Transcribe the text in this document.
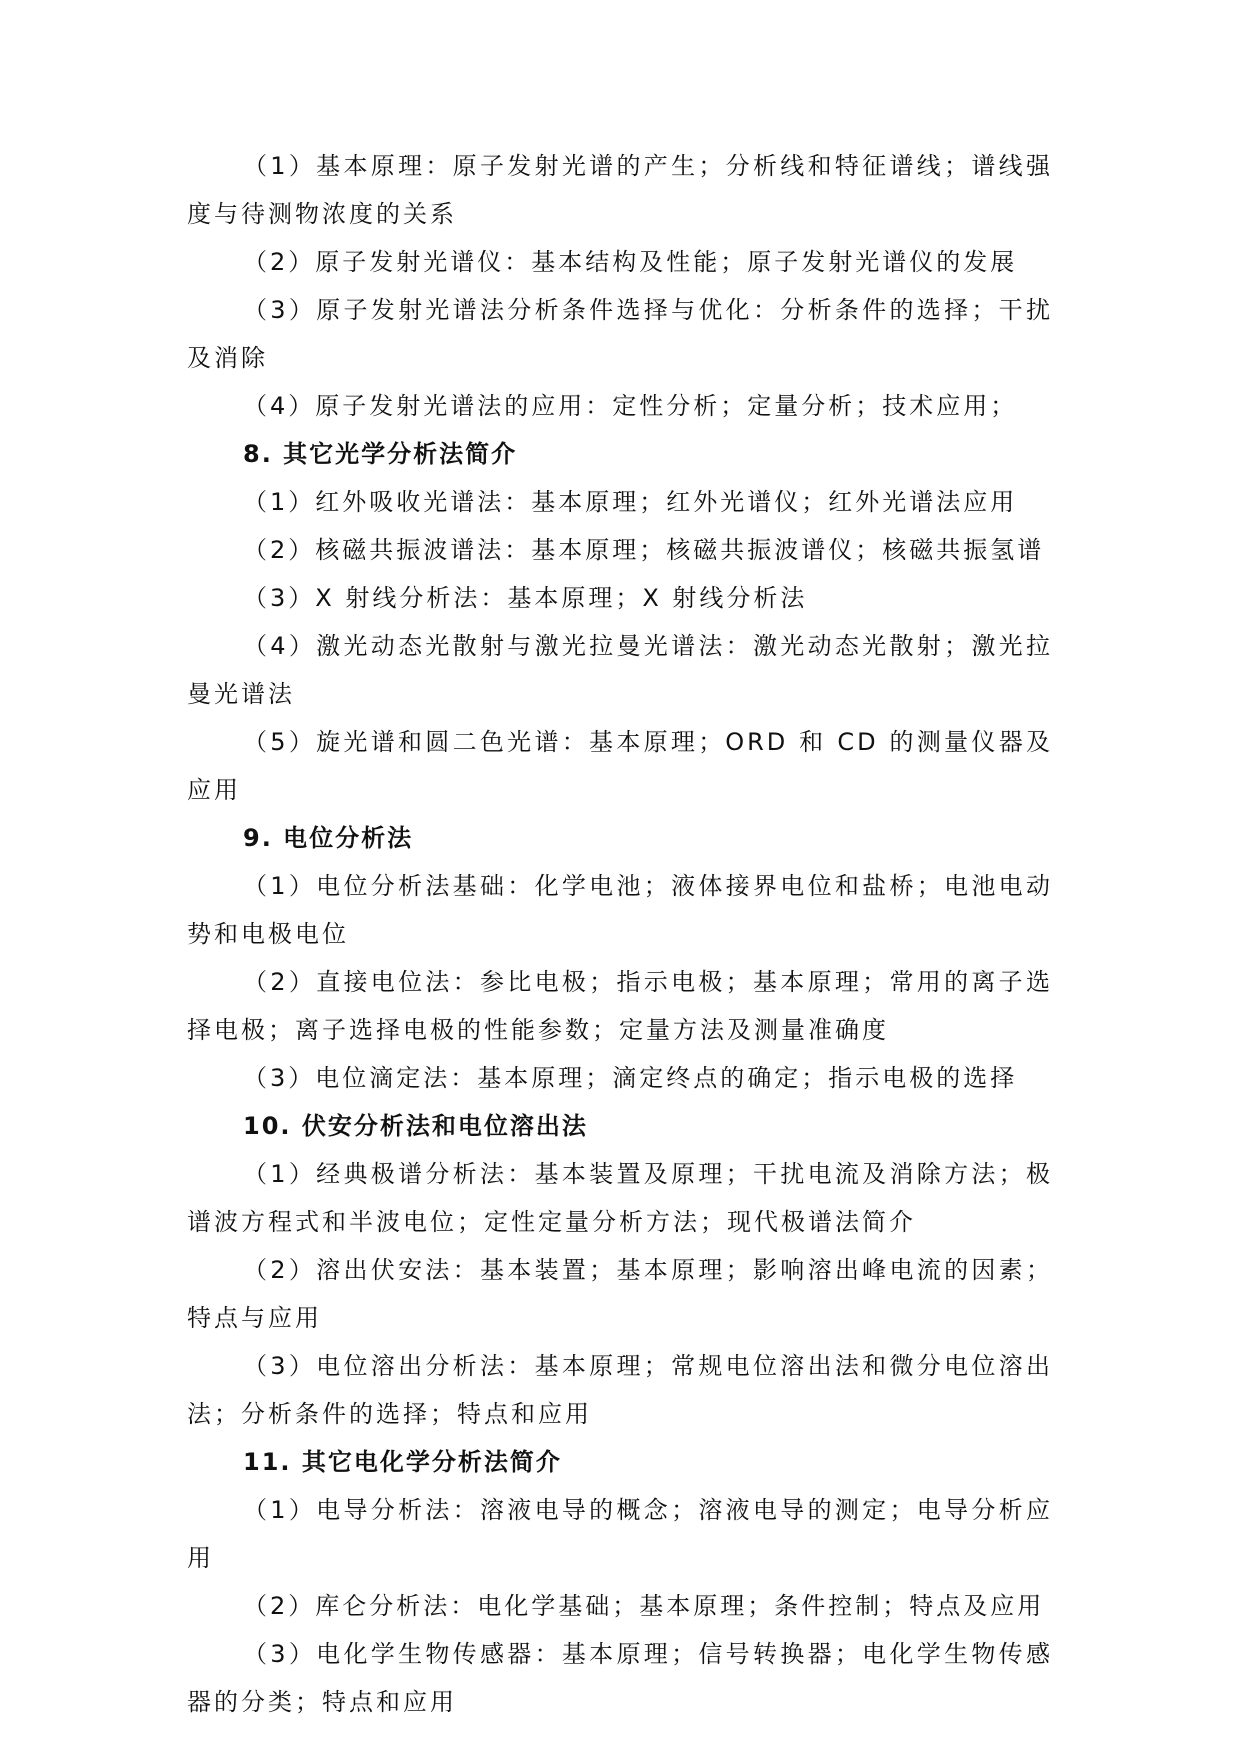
（1）基本原理：原子发射光谱的产生；分析线和特征谱线；谱线强度与待测物浓度的关系

（2）原子发射光谱仪：基本结构及性能；原子发射光谱仪的发展

（3）原子发射光谱法分析条件选择与优化：分析条件的选择；干扰及消除

（4）原子发射光谱法的应用：定性分析；定量分析；技术应用；

8. 其它光学分析法简介

（1）红外吸收光谱法：基本原理；红外光谱仪；红外光谱法应用

（2）核磁共振波谱法：基本原理；核磁共振波谱仪；核磁共振氢谱

（3）X 射线分析法：基本原理；X 射线分析法

（4）激光动态光散射与激光拉曼光谱法：激光动态光散射；激光拉曼光谱法

（5）旋光谱和圆二色光谱：基本原理；ORD 和 CD 的测量仪器及应用

9. 电位分析法

（1）电位分析法基础：化学电池；液体接界电位和盐桥；电池电动势和电极电位

（2）直接电位法：参比电极；指示电极；基本原理；常用的离子选择电极；离子选择电极的性能参数；定量方法及测量准确度

（3）电位滴定法：基本原理；滴定终点的确定；指示电极的选择

10. 伏安分析法和电位溶出法

（1）经典极谱分析法：基本装置及原理；干扰电流及消除方法；极谱波方程式和半波电位；定性定量分析方法；现代极谱法简介

（2）溶出伏安法：基本装置；基本原理；影响溶出峰电流的因素；特点与应用

（3）电位溶出分析法：基本原理；常规电位溶出法和微分电位溶出法；分析条件的选择；特点和应用

11. 其它电化学分析法简介

（1）电导分析法：溶液电导的概念；溶液电导的测定；电导分析应用

（2）库仑分析法：电化学基础；基本原理；条件控制；特点及应用

（3）电化学生物传感器：基本原理；信号转换器；电化学生物传感器的分类；特点和应用
